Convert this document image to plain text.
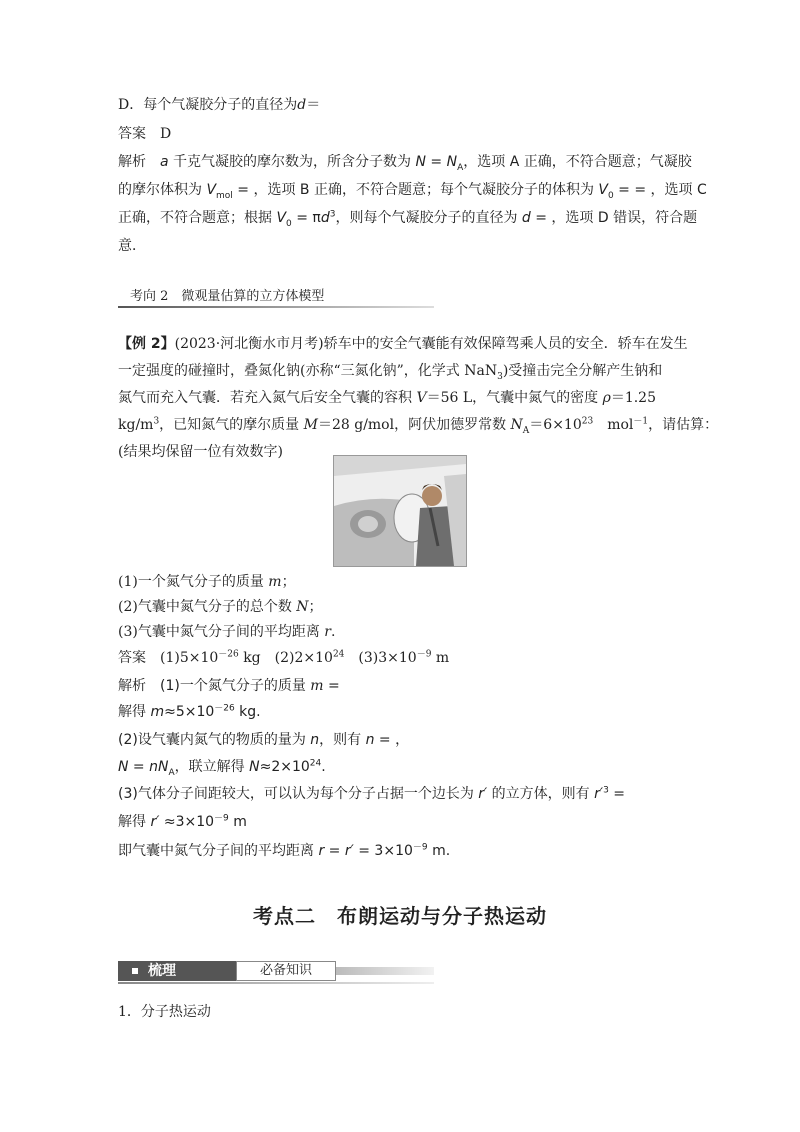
D．每个气凝胶分子的直径为d＝
答案　 D
解析　 a 千克气凝胶的摩尔数为，所含分子数为 $N = N_A$，选项 A 正确，不符合题意；气凝胶
的摩尔体积为 $V_{mol}$ = ，选项 B 正确，不符合题意；每个气凝胶分子的体积为 $V_0$ = = ，选项 C
正确，不符合题意；根据 $V_0 = \pi d^3$，则每个气凝胶分子的直径为 d = ，选项 D 错误，符合题
意．
考向 2　微观量估算的立方体模型
【例 2】(2023·河北衡水市月考)轿车中的安全气囊能有效保障驾乘人员的安全．轿车在发生
一定强度的碰撞时，叠氮化钠(亦称“三氮化钠”，化学式 NaN$_3$)受撞击完全分解产生钠和
氮气而充入气囊．若充入氮气后安全气囊的容积 V＝56 L，气囊中氮气的密度 ρ＝1.25
$kg/m^3$，已知氮气的摩尔质量 M＝28 g/mol，阿伏加德罗常数 $N_A=6\times 10^{23}$　mol$^{-1}$，请估算：
(结果均保留一位有效数字)
(1)一个氮气分子的质量 m；
(2)气囊中氮气分子的总个数 N；
(3)气囊中氮气分子间的平均距离 r.
答案　 $(1)5\times 10^{-26}$ kg　$(2)2\times 10^{24}$　$(3)3\times 10^{-9}$ m
解析　 (1)一个氮气分子的质量 m =
解得 $m\approx 5\times 10^{-26}$ kg.
(2)设气囊内氮气的物质的量为 n，则有 n = ，
$N = nN_A$，联立解得 $N\approx 2\times 10^{24}$.
(3)气体分子间距较大，可以认为每个分子占据一个边长为 r′ 的立方体，则有 $r'^3$ =
解得 $r' \approx 3\times 10^{-9}$ m
即气囊中氮气分子间的平均距离 $r = r' = 3\times 10^{-9}$ m.
考点二　布朗运动与分子热运动
梳理	必备知识
1．分子热运动
